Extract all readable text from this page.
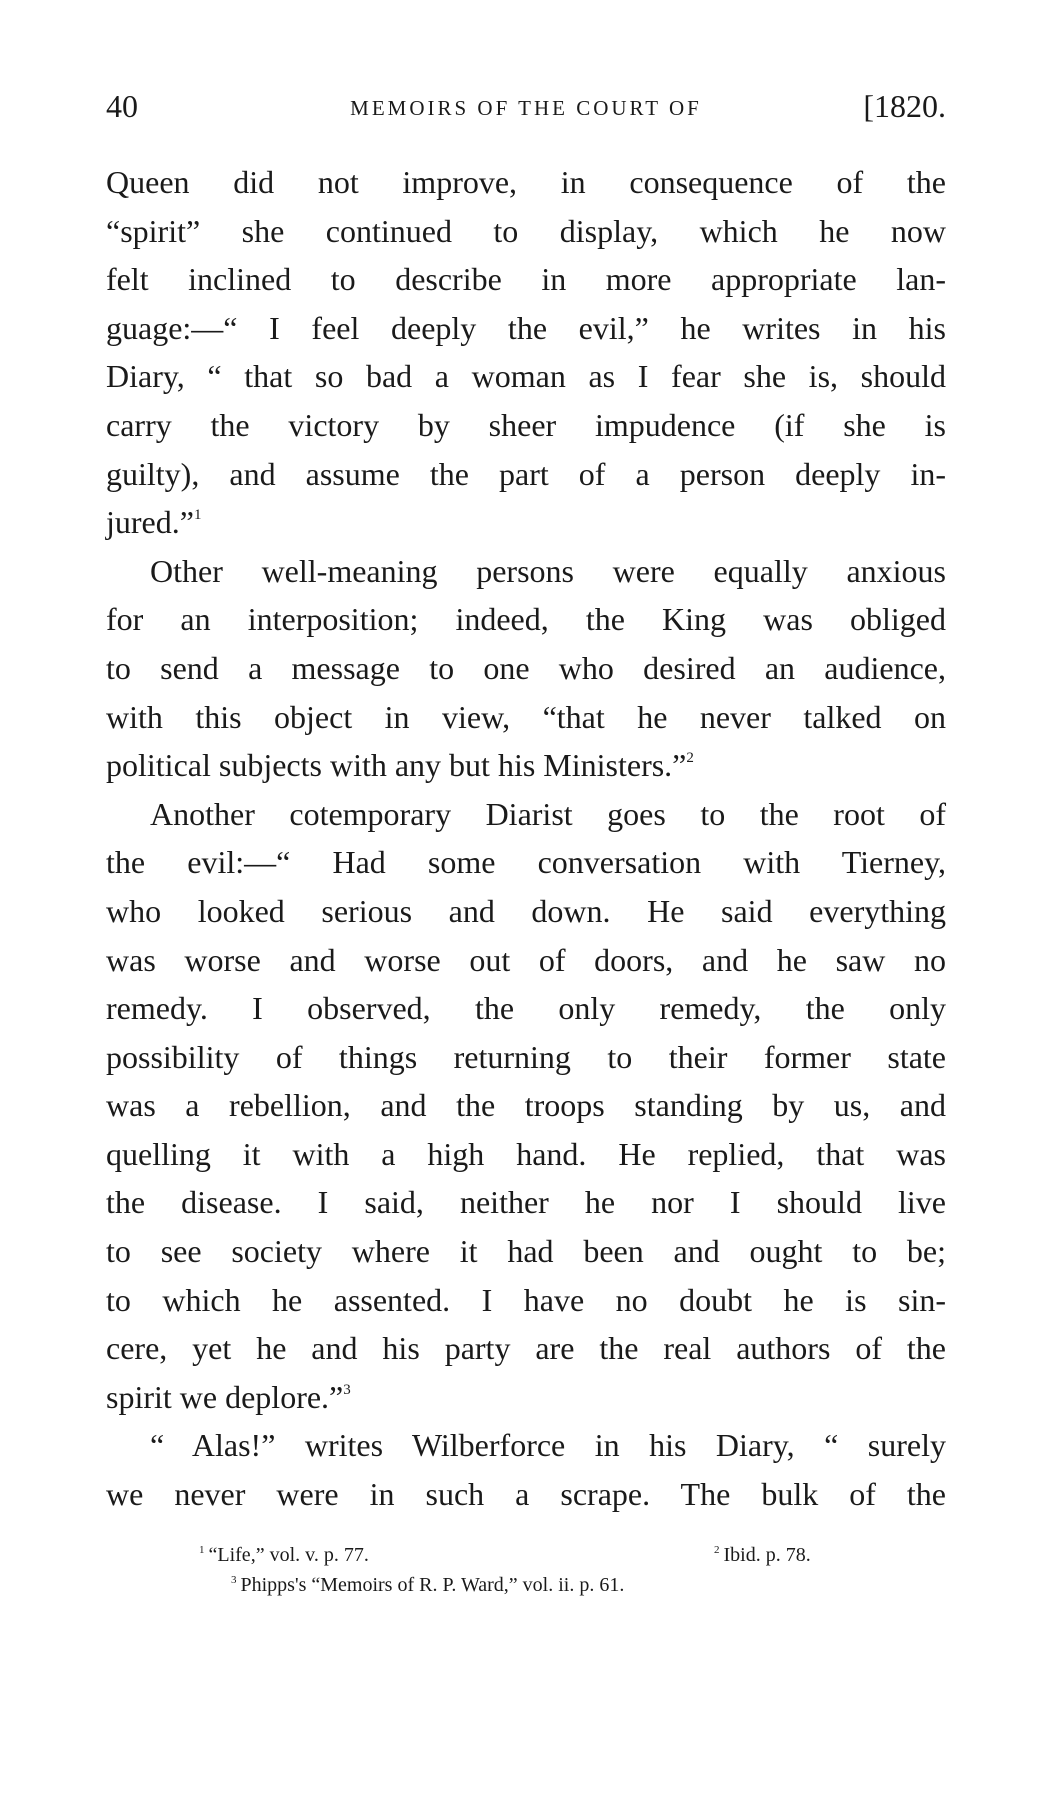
40	MEMOIRS OF THE COURT OF	[1820.
Queen did not improve, in consequence of the
“spirit” she continued to display, which he now
felt inclined to describe in more appropriate lan-
guage:—“ I feel deeply the evil,” he writes in his
Diary, “ that so bad a woman as I fear she is, should
carry the victory by sheer impudence (if she is
guilty), and assume the part of a person deeply in-
jured.”$^1$
Other well-meaning persons were equally anxious
for an interposition; indeed, the King was obliged
to send a message to one who desired an audience,
with this object in view, “that he never talked on
political subjects with any but his Ministers.”$^2$
Another cotemporary Diarist goes to the root of
the evil:—“ Had some conversation with Tierney,
who looked serious and down. He said everything
was worse and worse out of doors, and he saw no
remedy. I observed, the only remedy, the only
possibility of things returning to their former state
was a rebellion, and the troops standing by us, and
quelling it with a high hand. He replied, that was
the disease. I said, neither he nor I should live
to see society where it had been and ought to be;
to which he assented. I have no doubt he is sin-
cere, yet he and his party are the real authors of the
spirit we deplore.”$^3$
“ Alas!” writes Wilberforce in his Diary, “ surely
we never were in such a scrape. The bulk of the
$^1$ “Life,” vol. v. p. 77.	$^2$ Ibid. p. 78.
$^3$ Phipps's “Memoirs of R. P. Ward,” vol. ii. p. 61.
